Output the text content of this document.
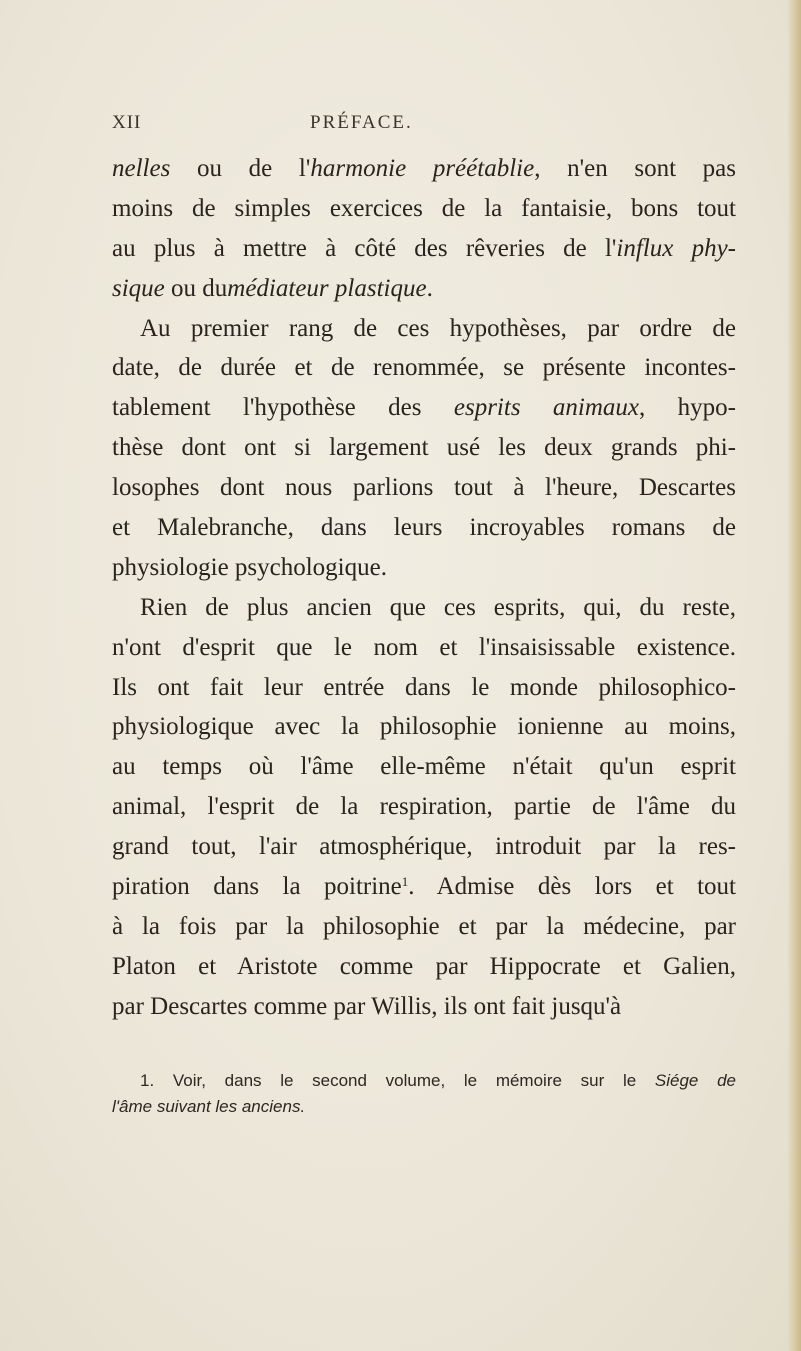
XII	PRÉFACE.
nelles ou de l'harmonie préétablie, n'en sont pas
moins de simples exercices de la fantaisie, bons tout
au plus à mettre à côté des rêveries de l'influx phy-
sique ou dumédiateur plastique.
Au premier rang de ces hypothèses, par ordre de
date, de durée et de renommée, se présente incontes-
tablement l'hypothèse des esprits animaux, hypo-
thèse dont ont si largement usé les deux grands phi-
losophes dont nous parlions tout à l'heure, Descartes
et Malebranche, dans leurs incroyables romans de
physiologie psychologique.
Rien de plus ancien que ces esprits, qui, du reste,
n'ont d'esprit que le nom et l'insaisissable existence.
Ils ont fait leur entrée dans le monde philosophico-
physiologique avec la philosophie ionienne au moins,
au temps où l'âme elle-même n'était qu'un esprit
animal, l'esprit de la respiration, partie de l'âme du
grand tout, l'air atmosphérique, introduit par la res-
piration dans la poitrine$^1$. Admise dès lors et tout
à la fois par la philosophie et par la médecine, par
Platon et Aristote comme par Hippocrate et Galien,
par Descartes comme par Willis, ils ont fait jusqu'à
1. Voir, dans le second volume, le mémoire sur le Siége de
l'âme suivant les anciens.
